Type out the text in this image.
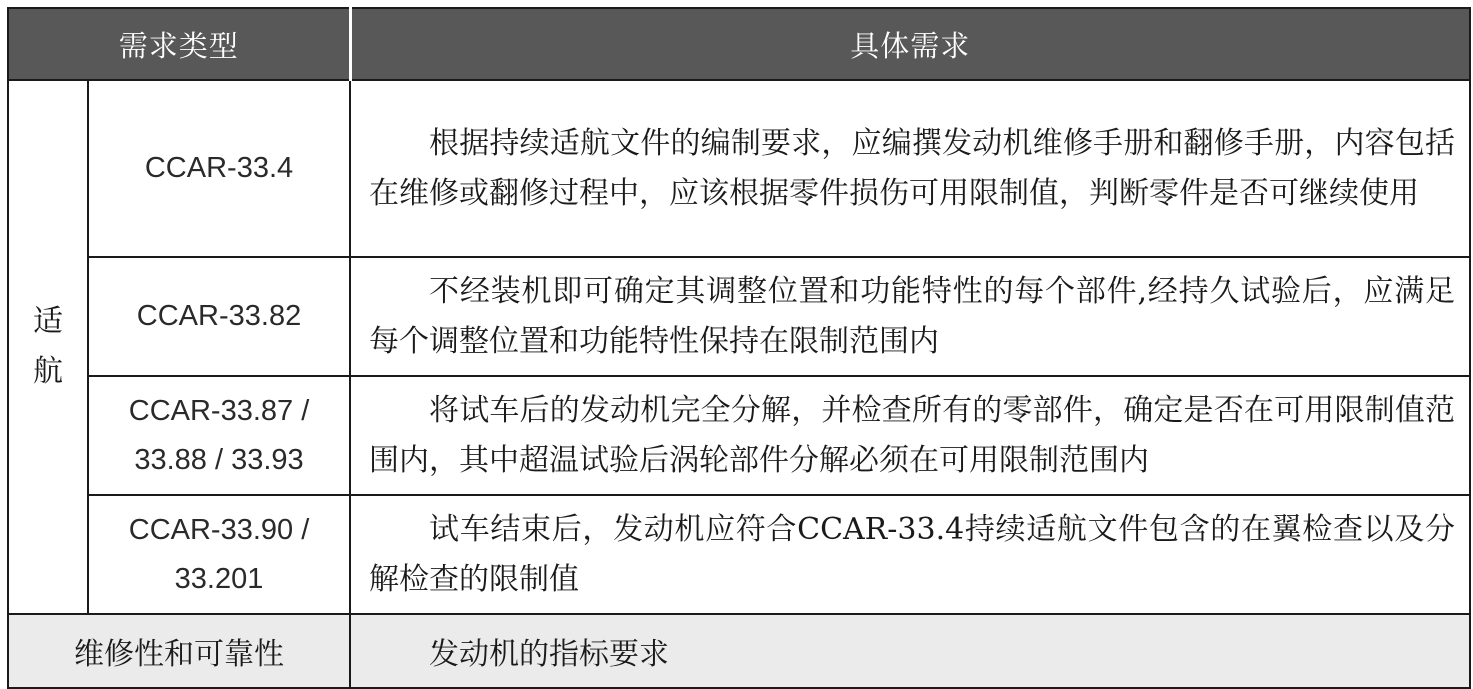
需求类型		具体需求

适
航	CCAR-33.4	根据持续适航文件的编制要求，应编撰发动机维修手册和翻修手册，内容包括在维修或翻修过程中，应该根据零件损伤可用限制值，判断零件是否可继续使用

	CCAR-33.82	不经装机即可确定其调整位置和功能特性的每个部件,经持久试验后，应满足每个调整位置和功能特性保持在限制范围内

	CCAR-33.87 /
33.88 / 33.93	将试车后的发动机完全分解，并检查所有的零部件，确定是否在可用限制值范围内，其中超温试验后涡轮部件分解必须在可用限制范围内

	CCAR-33.90 /
33.201	试车结束后，发动机应符合CCAR-33.4持续适航文件包含的在翼检查以及分解检查的限制值

维修性和可靠性		发动机的指标要求
